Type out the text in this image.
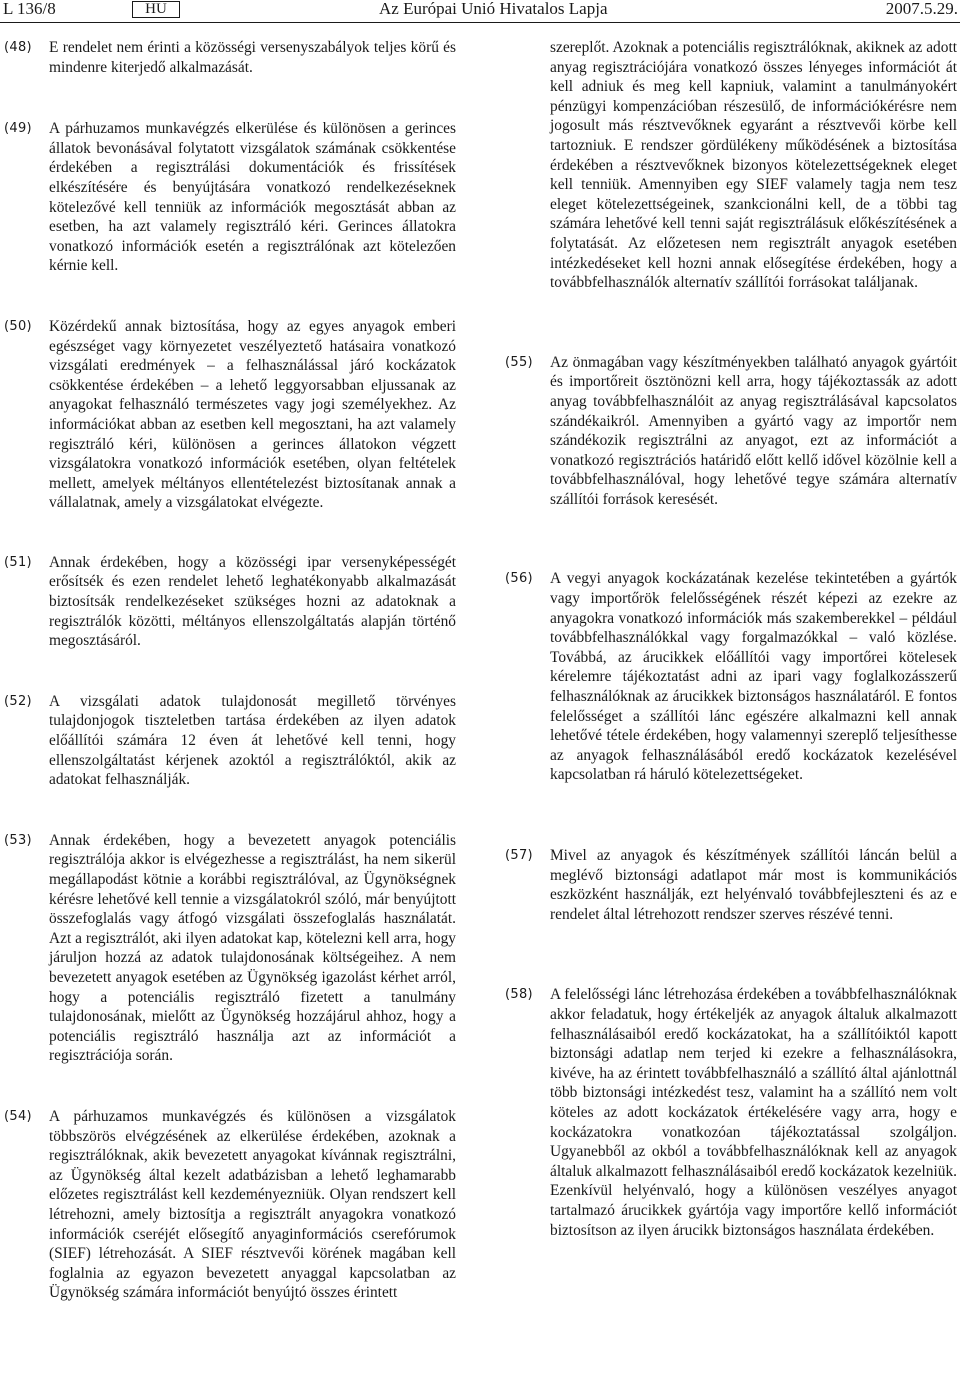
L 136/8	HU	Az Európai Unió Hivatalos Lapja	2007.5.29.
(48)	E rendelet nem érinti a közösségi versenyszabályok teljes körű és mindenre kiterjedő alkalmazását.

(49)	A párhuzamos munkavégzés elkerülése és különösen a gerinces állatok bevonásával folytatott vizsgálatok számának csökkentése érdekében a regisztrálási dokumentációk és frissítések elkészítésére és benyújtására vonatkozó rendelkezéseknek kötelezővé kell tenniük az információk megosztását abban az esetben, ha azt valamely regisztráló kéri. Gerinces állatokra vonatkozó információk esetén a regisztrálónak azt kötelezően kérnie kell.

(50)	Közérdekű annak biztosítása, hogy az egyes anyagok emberi egészséget vagy környezetet veszélyeztető hatásaira vonatkozó vizsgálati eredmények – a felhasználással járó kockázatok csökkentése érdekében – a lehető leggyorsabban eljussanak az anyagokat felhasználó természetes vagy jogi személyekhez. Az információkat abban az esetben kell megosztani, ha azt valamely regisztráló kéri, különösen a gerinces állatokon végzett vizsgálatokra vonatkozó információk esetében, olyan feltételek mellett, amelyek méltányos ellentételezést biztosítanak annak a vállalatnak, amely a vizsgálatokat elvégezte.

(51)	Annak érdekében, hogy a közösségi ipar versenyképességét erősítsék és ezen rendelet lehető leghatékonyabb alkalmazását biztosítsák rendelkezéseket szükséges hozni az adatoknak a regisztrálók közötti, méltányos ellenszolgáltatás alapján történő megosztásáról.

(52)	A vizsgálati adatok tulajdonosát megillető törvényes tulajdonjogok tiszteletben tartása érdekében az ilyen adatok előállítói számára 12 éven át lehetővé kell tenni, hogy ellenszolgáltatást kérjenek azoktól a regisztrálóktól, akik az adatokat felhasználják.

(53)	Annak érdekében, hogy a bevezetett anyagok potenciális regisztrálója akkor is elvégezhesse a regisztrálást, ha nem sikerül megállapodást kötnie a korábbi regisztrálóval, az Ügynökségnek kérésre lehetővé kell tennie a vizsgálatokról szóló, már benyújtott összefoglalás vagy átfogó vizsgálati összefoglalás használatát. Azt a regisztrálót, aki ilyen adatokat kap, kötelezni kell arra, hogy járuljon hozzá az adatok tulajdonosának költségeihez. A nem bevezetett anyagok esetében az Ügynökség igazolást kérhet arról, hogy a potenciális regisztráló fizetett a tanulmány tulajdonosának, mielőtt az Ügynökség hozzájárul ahhoz, hogy a potenciális regisztráló használja azt az információt a regisztrációja során.

(54)	A párhuzamos munkavégzés és különösen a vizsgálatok többszörös elvégzésének az elkerülése érdekében, azoknak a regisztrálóknak, akik bevezetett anyagokat kívánnak regisztrálni, az Ügynökség által kezelt adatbázisban a lehető leghamarabb előzetes regisztrálást kell kezdeményezniük. Olyan rendszert kell létrehozni, amely biztosítja a regisztrált anyagokra vonatkozó információk cseréjét elősegítő anyaginformációs cserefórumok (SIEF) létrehozását. A SIEF résztvevői körének magában kell foglalnia az egyazon bevezetett anyaggal kapcsolatban az Ügynökség számára információt benyújtó összes érintett

szereplőt. Azoknak a potenciális regisztrálóknak, akiknek az adott anyag regisztrációjára vonatkozó összes lényeges információt át kell adniuk és meg kell kapniuk, valamint a tanulmányokért pénzügyi kompenzációban részesülő, de információkérésre nem jogosult más résztvevőknek egyaránt a résztvevői körbe kell tartozniuk. E rendszer gördülékeny működésének a biztosítása érdekében a résztvevőknek bizonyos kötelezettségeknek eleget kell tenniük. Amennyiben egy SIEF valamely tagja nem tesz eleget kötelezettségeinek, szankcionálni kell, de a többi tag számára lehetővé kell tenni saját regisztrálásuk előkészítésének a folytatását. Az előzetesen nem regisztrált anyagok esetében intézkedéseket kell hozni annak elősegítése érdekében, hogy a továbbfelhasználók alternatív szállítói forrásokat találjanak.

(55)	Az önmagában vagy készítményekben található anyagok gyártóit és importőreit ösztönözni kell arra, hogy tájékoztassák az adott anyag továbbfelhasználóit az anyag regisztrálásával kapcsolatos szándékaikról. Amennyiben a gyártó vagy az importőr nem szándékozik regisztrálni az anyagot, ezt az információt a vonatkozó regisztrációs határidő előtt kellő idővel közölnie kell a továbbfelhasználóval, hogy lehetővé tegye számára alternatív szállítói források keresését.

(56)	A vegyi anyagok kockázatának kezelése tekintetében a gyártók vagy importőrök felelősségének részét képezi az ezekre az anyagokra vonatkozó információk más szakemberekkel – például továbbfelhasználókkal vagy forgalmazókkal – való közlése. Továbbá, az árucikkek előállítói vagy importőrei kötelesek kérelemre tájékoztatást adni az ipari vagy foglalkozásszerű felhasználóknak az árucikkek biztonságos használatáról. E fontos felelősséget a szállítói lánc egészére alkalmazni kell annak lehetővé tétele érdekében, hogy valamennyi szereplő teljesíthesse az anyagok felhasználásából eredő kockázatok kezelésével kapcsolatban rá háruló kötelezettségeket.

(57)	Mivel az anyagok és készítmények szállítói láncán belül a meglévő biztonsági adatlapot már most is kommunikációs eszközként használják, ezt helyénvaló továbbfejleszteni és az e rendelet által létrehozott rendszer szerves részévé tenni.

(58)	A felelősségi lánc létrehozása érdekében a továbbfelhasználóknak akkor feladatuk, hogy értékeljék az anyagok általuk alkalmazott felhasználásaiból eredő kockázatokat, ha a szállítóiktól kapott biztonsági adatlap nem terjed ki ezekre a felhasználásokra, kivéve, ha az érintett továbbfelhasználó a szállító által ajánlottnál több biztonsági intézkedést tesz, valamint ha a szállító nem volt köteles az adott kockázatok értékelésére vagy arra, hogy e kockázatokra vonatkozóan tájékoztatással szolgáljon. Ugyanebből az okból a továbbfelhasználóknak kell az anyagok általuk alkalmazott felhasználásaiból eredő kockázatok kezelniük. Ezenkívül helyénvaló, hogy a különösen veszélyes anyagot tartalmazó árucikkek gyártója vagy importőre kellő információt biztosítson az ilyen árucikk biztonságos használata érdekében.
